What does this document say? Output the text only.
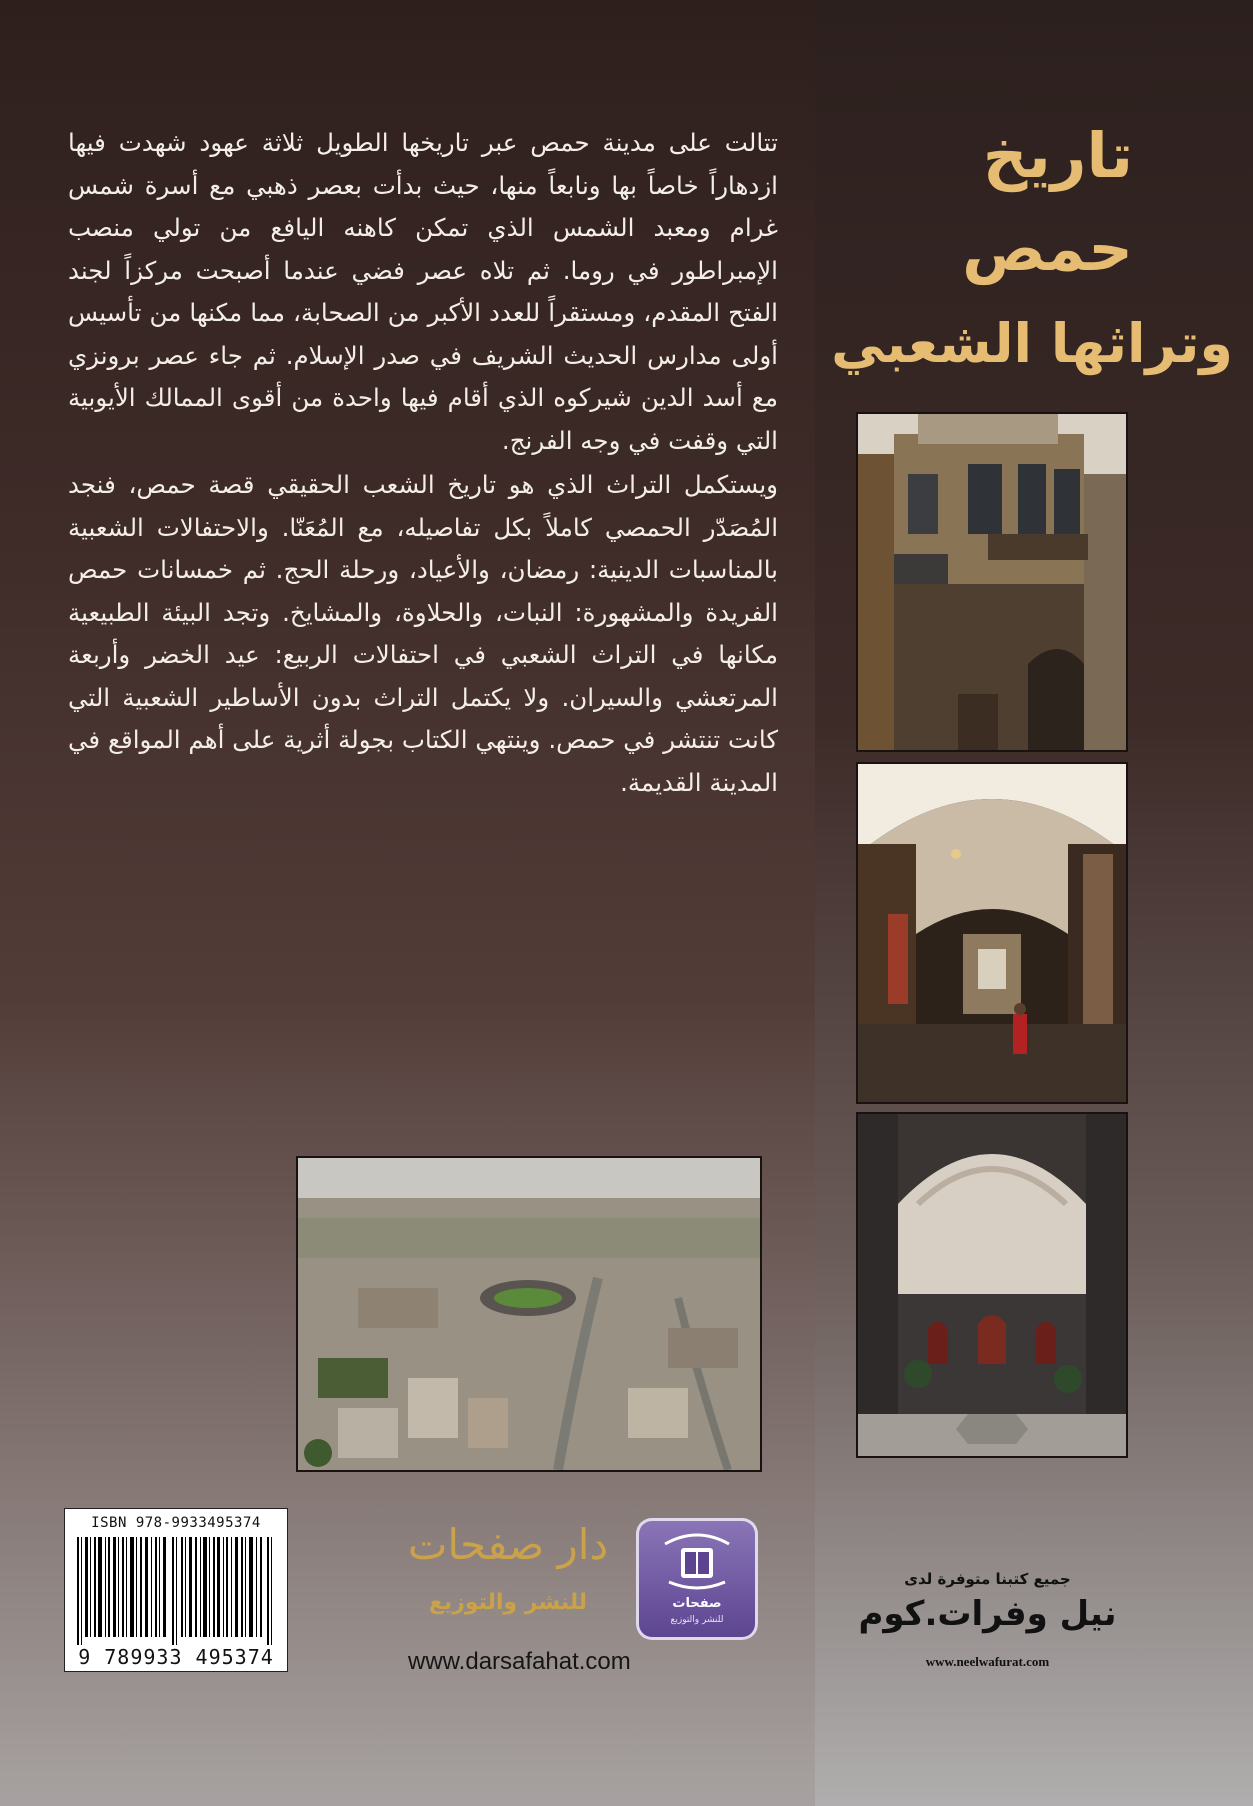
تاريخ
حمص
وتراثها الشعبي

تتالت على مدينة حمص عبر تاريخها الطويل ثلاثة عهود شهدت فيها ازدهاراً خاصاً بها ونابعاً منها، حيث بدأت بعصر ذهبي مع أسرة شمس غرام ومعبد الشمس الذي تمكن كاهنه اليافع من تولي منصب الإمبراطور في روما. ثم تلاه عصر فضي عندما أصبحت مركزاً لجند الفتح المقدم، ومستقراً للعدد الأكبر من الصحابة، مما مكنها من تأسيس أولى مدارس الحديث الشريف في صدر الإسلام. ثم جاء عصر برونزي مع أسد الدين شيركوه الذي أقام فيها واحدة من أقوى الممالك الأيوبية التي وقفت في وجه الفرنج.

ويستكمل التراث الذي هو تاريخ الشعب الحقيقي قصة حمص، فنجد المُصَدّر الحمصي كاملاً بكل تفاصيله، مع المُعَنّا. والاحتفالات الشعبية بالمناسبات الدينية: رمضان، والأعياد، ورحلة الحج. ثم خمسانات حمص الفريدة والمشهورة: النبات، والحلاوة، والمشايخ. وتجد البيئة الطبيعية مكانها في التراث الشعبي في احتفالات الربيع: عيد الخضر وأربعة المرتعشي والسيران. ولا يكتمل التراث بدون الأساطير الشعبية التي كانت تنتشر في حمص. وينتهي الكتاب بجولة أثرية على أهم المواقع في المدينة القديمة.

ISBN 978-9933495374
9 789933 495374
صفحات
للنشر والتوزيع
دار صفحات
للنشر والتوزيع
www.darsafahat.com
جميع كتبنا متوفرة لدى
نيل وفرات.كوم
www.neelwafurat.com
